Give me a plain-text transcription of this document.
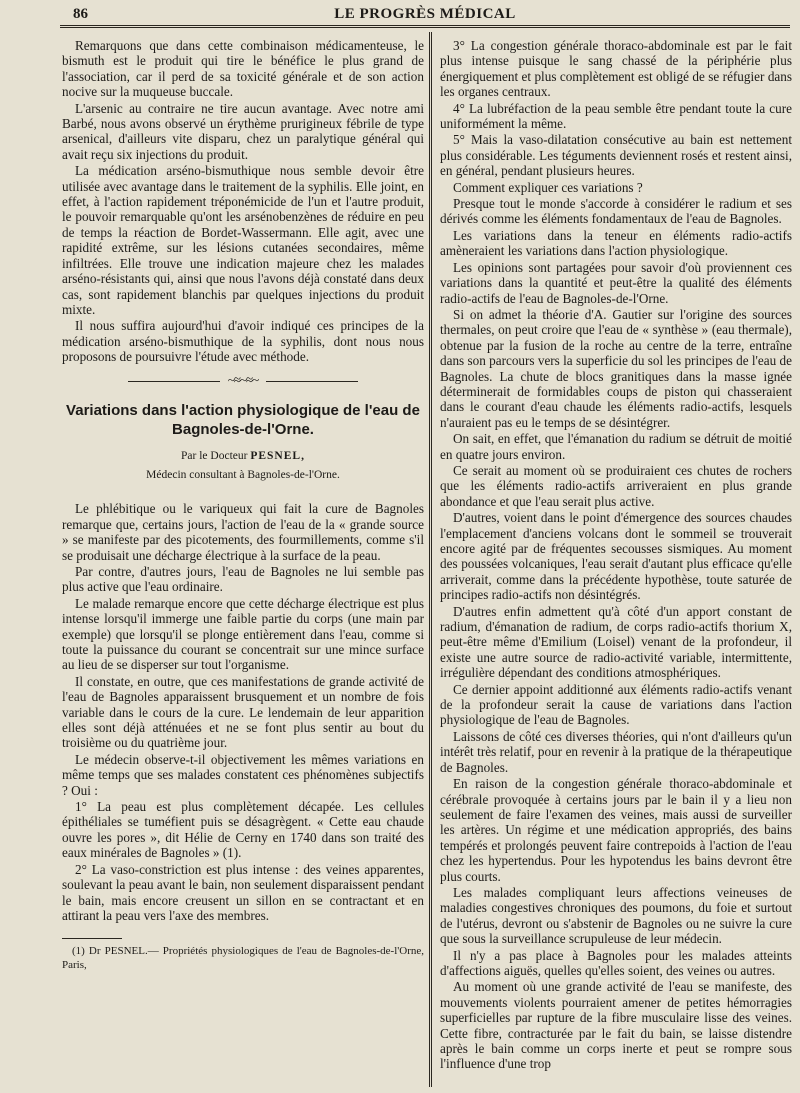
86	LE PROGRÈS MÉDICAL

Remarquons que dans cette combinaison médicamenteuse, le bismuth est le produit qui tire le bénéfice le plus grand de l'association, car il perd de sa toxicité générale et de son action nocive sur la muqueuse buccale.

L'arsenic au contraire ne tire aucun avantage. Avec notre ami Barbé, nous avons observé un érythème prurigineux fébrile de type arsenical, d'ailleurs vite disparu, chez un paralytique général qui avait reçu six injections du produit.

La médication arséno-bismuthique nous semble devoir être utilisée avec avantage dans le traitement de la syphilis. Elle joint, en effet, à l'action rapidement tréponémicide de l'un et l'autre produit, le pouvoir remarquable qu'ont les arsénobenzènes de réduire en peu de temps la réaction de Bordet-Wassermann. Elle agit, avec une rapidité extrême, sur les lésions cutanées secondaires, même infiltrées. Elle trouve une indication majeure chez les malades arséno-résistants qui, ainsi que nous l'avons déjà constaté dans deux cas, sont rapidement blanchis par quelques injections du produit mixte.

Il nous suffira aujourd'hui d'avoir indiqué ces principes de la médication arséno-bismuthique de la syphilis, dont nous nous proposons de poursuivre l'étude avec méthode.

~≈~≈~
Variations dans l'action physiologique de l'eau de Bagnoles-de-l'Orne.
Par le Docteur PESNEL,
Médecin consultant à Bagnoles-de-l'Orne.

Le phlébitique ou le variqueux qui fait la cure de Bagnoles remarque que, certains jours, l'action de l'eau de la « grande source » se manifeste par des picotements, des fourmillements, comme s'il se produisait une décharge électrique à la surface de la peau.

Par contre, d'autres jours, l'eau de Bagnoles ne lui semble pas plus active que l'eau ordinaire.

Le malade remarque encore que cette décharge électrique est plus intense lorsqu'il immerge une faible partie du corps (une main par exemple) que lorsqu'il se plonge entièrement dans l'eau, comme si toute la puissance du courant se concentrait sur une mince surface au lieu de se disperser sur tout l'organisme.

Il constate, en outre, que ces manifestations de grande activité de l'eau de Bagnoles apparaissent brusquement et un nombre de fois variable dans le cours de la cure. Le lendemain de leur apparition elles sont déjà atténuées et ne se font plus sentir au bout du troisième ou du quatrième jour.

Le médecin observe-t-il objectivement les mêmes variations en même temps que ses malades constatent ces phénomènes subjectifs ? Oui :

1° La peau est plus complètement décapée. Les cellules épithéliales se tuméfient puis se désagrègent. « Cette eau chaude ouvre les pores », dit Hélie de Cerny en 1740 dans son traité des eaux minérales de Bagnoles » (1).

2° La vaso-constriction est plus intense : des veines apparentes, soulevant la peau avant le bain, non seulement disparaissent pendant le bain, mais encore creusent un sillon en se contractant et en attirant la peau vers l'axe des membres.

(1) Dr PESNEL.— Propriétés physiologiques de l'eau de Bagnoles-de-l'Orne, Paris,

3° La congestion générale thoraco-abdominale est par le fait plus intense puisque le sang chassé de la périphérie plus énergiquement et plus complètement est obligé de se réfugier dans les organes centraux.

4° La lubréfaction de la peau semble être pendant toute la cure uniformément la même.

5° Mais la vaso-dilatation consécutive au bain est nettement plus considérable. Les téguments deviennent rosés et restent ainsi, en général, pendant plusieurs heures.

Comment expliquer ces variations ?

Presque tout le monde s'accorde à considérer le radium et ses dérivés comme les éléments fondamentaux de l'eau de Bagnoles.

Les variations dans la teneur en éléments radio-actifs amèneraient les variations dans l'action physiologique.

Les opinions sont partagées pour savoir d'où proviennent ces variations dans la quantité et peut-être la qualité des éléments radio-actifs de l'eau de Bagnoles-de-l'Orne.

Si on admet la théorie d'A. Gautier sur l'origine des sources thermales, on peut croire que l'eau de « synthèse » (eau thermale), obtenue par la fusion de la roche au centre de la terre, entraîne dans son parcours vers la superficie du sol les principes de l'eau de Bagnoles. La chute de blocs granitiques dans la masse ignée déterminerait de formidables coups de piston qui chasseraient dans le courant d'eau chaude les éléments radio-actifs, lesquels n'auraient pas eu le temps de se désintégrer.

On sait, en effet, que l'émanation du radium se détruit de moitié en quatre jours environ.

Ce serait au moment où se produiraient ces chutes de rochers que les éléments radio-actifs arriveraient en plus grande abondance et que l'eau serait plus active.

D'autres, voient dans le point d'émergence des sources chaudes l'emplacement d'anciens volcans dont le sommeil se trouverait encore agité par de fréquentes secousses sismiques. Au moment des poussées volcaniques, l'eau serait d'autant plus efficace qu'elle arriverait, comme dans la précédente hypothèse, toute saturée de principes radio-actifs non désintégrés.

D'autres enfin admettent qu'à côté d'un apport constant de radium, d'émanation de radium, de corps radio-actifs thorium X, peut-être même d'Emilium (Loisel) venant de la profondeur, il existe une autre source de radio-activité variable, intermittente, irrégulière dépendant des conditions atmosphériques.

Ce dernier appoint additionné aux éléments radio-actifs venant de la profondeur serait la cause de variations dans l'action physiologique de l'eau de Bagnoles.

Laissons de côté ces diverses théories, qui n'ont d'ailleurs qu'un intérêt très relatif, pour en revenir à la pratique de la thérapeutique de Bagnoles.

En raison de la congestion générale thoraco-abdominale et cérébrale provoquée à certains jours par le bain il y a lieu non seulement de faire l'examen des veines, mais aussi de surveiller les artères. Un régime et une médication appropriés, des bains tempérés et prolongés peuvent faire contrepoids à l'action de l'eau chez les hypertendus. Pour les hypotendus les bains devront être plus courts.

Les malades compliquant leurs affections veineuses de maladies congestives chroniques des poumons, du foie et surtout de l'utérus, devront ou s'abstenir de Bagnoles ou ne suivre la cure que sous la surveillance scrupuleuse de leur médecin.

Il n'y a pas place à Bagnoles pour les malades atteints d'affections aiguës, quelles qu'elles soient, des veines ou autres.

Au moment où une grande activité de l'eau se manifeste, des mouvements violents pourraient amener de petites hémorragies superficielles par rupture de la fibre musculaire lisse des veines. Cette fibre, contracturée par le fait du bain, se laisse distendre après le bain comme un corps inerte et peut se rompre sous l'influence d'une trop
